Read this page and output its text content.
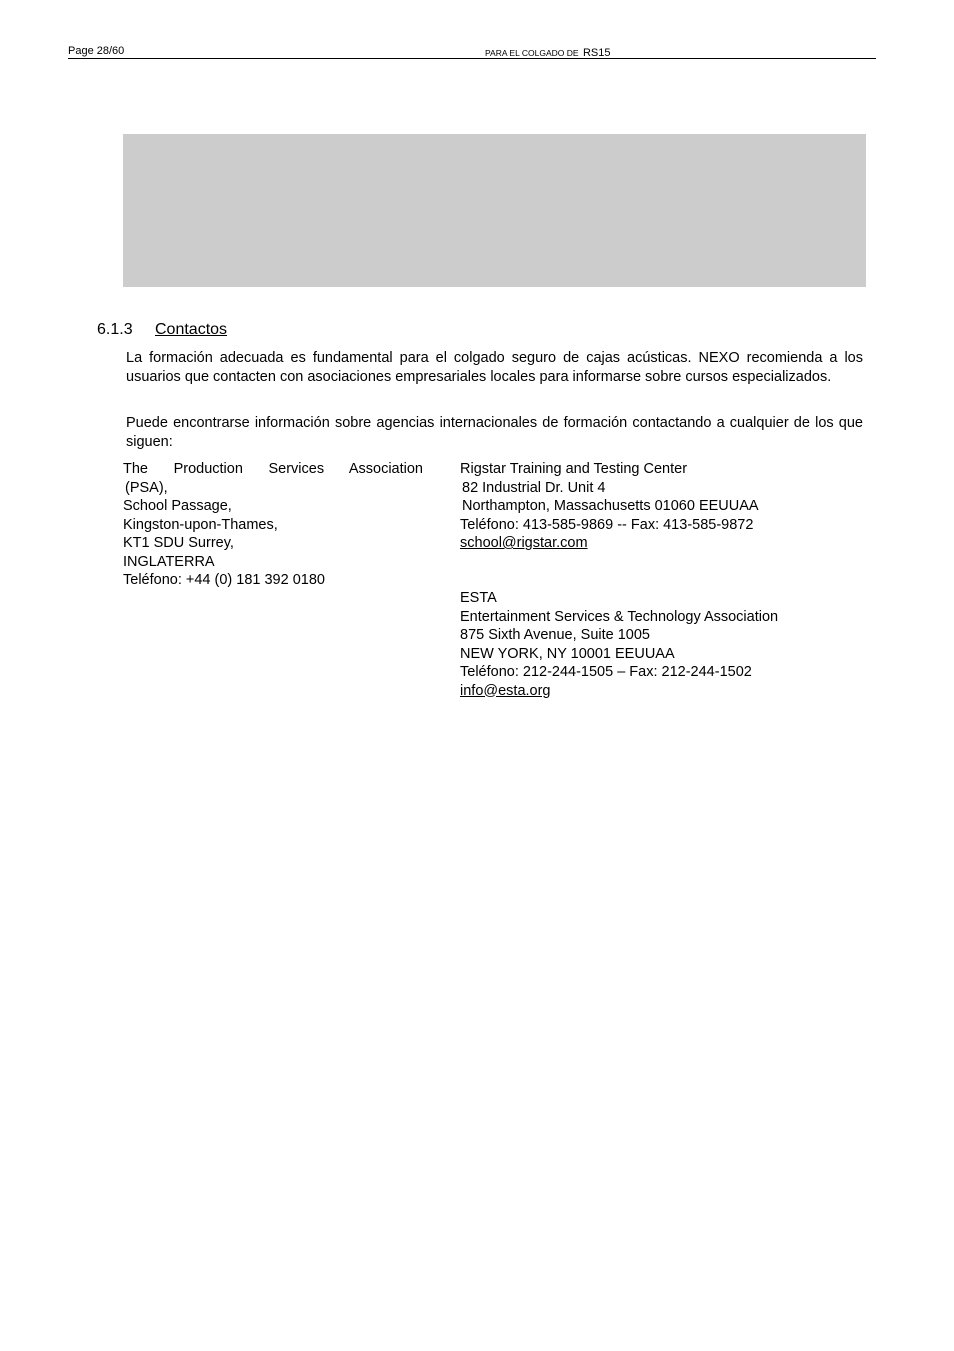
Page 28/60	PARA EL COLGADO DE RS15
6.1.3 Contactos

La formación adecuada es fundamental para el colgado seguro de cajas acústicas. NEXO recomienda a los usuarios que contacten con asociaciones empresariales locales para informarse sobre cursos especializados.

Puede encontrarse información sobre agencias internacionales de formación contactando a cualquier de los que siguen:

The Production Services Association
(PSA),
School Passage,
Kingston-upon-Thames,
KT1 SDU Surrey,
INGLATERRA
Teléfono: +44 (0) 181 392 0180
Rigstar Training and Testing Center
82 Industrial Dr. Unit 4
Northampton, Massachusetts 01060 EEUUAA
Teléfono: 413-585-9869 -- Fax: 413-585-9872
school@rigstar.com
ESTA
Entertainment Services & Technology Association
875 Sixth Avenue, Suite 1005
NEW YORK, NY 10001 EEUUAA
Teléfono: 212-244-1505 – Fax: 212-244-1502
info@esta.org
